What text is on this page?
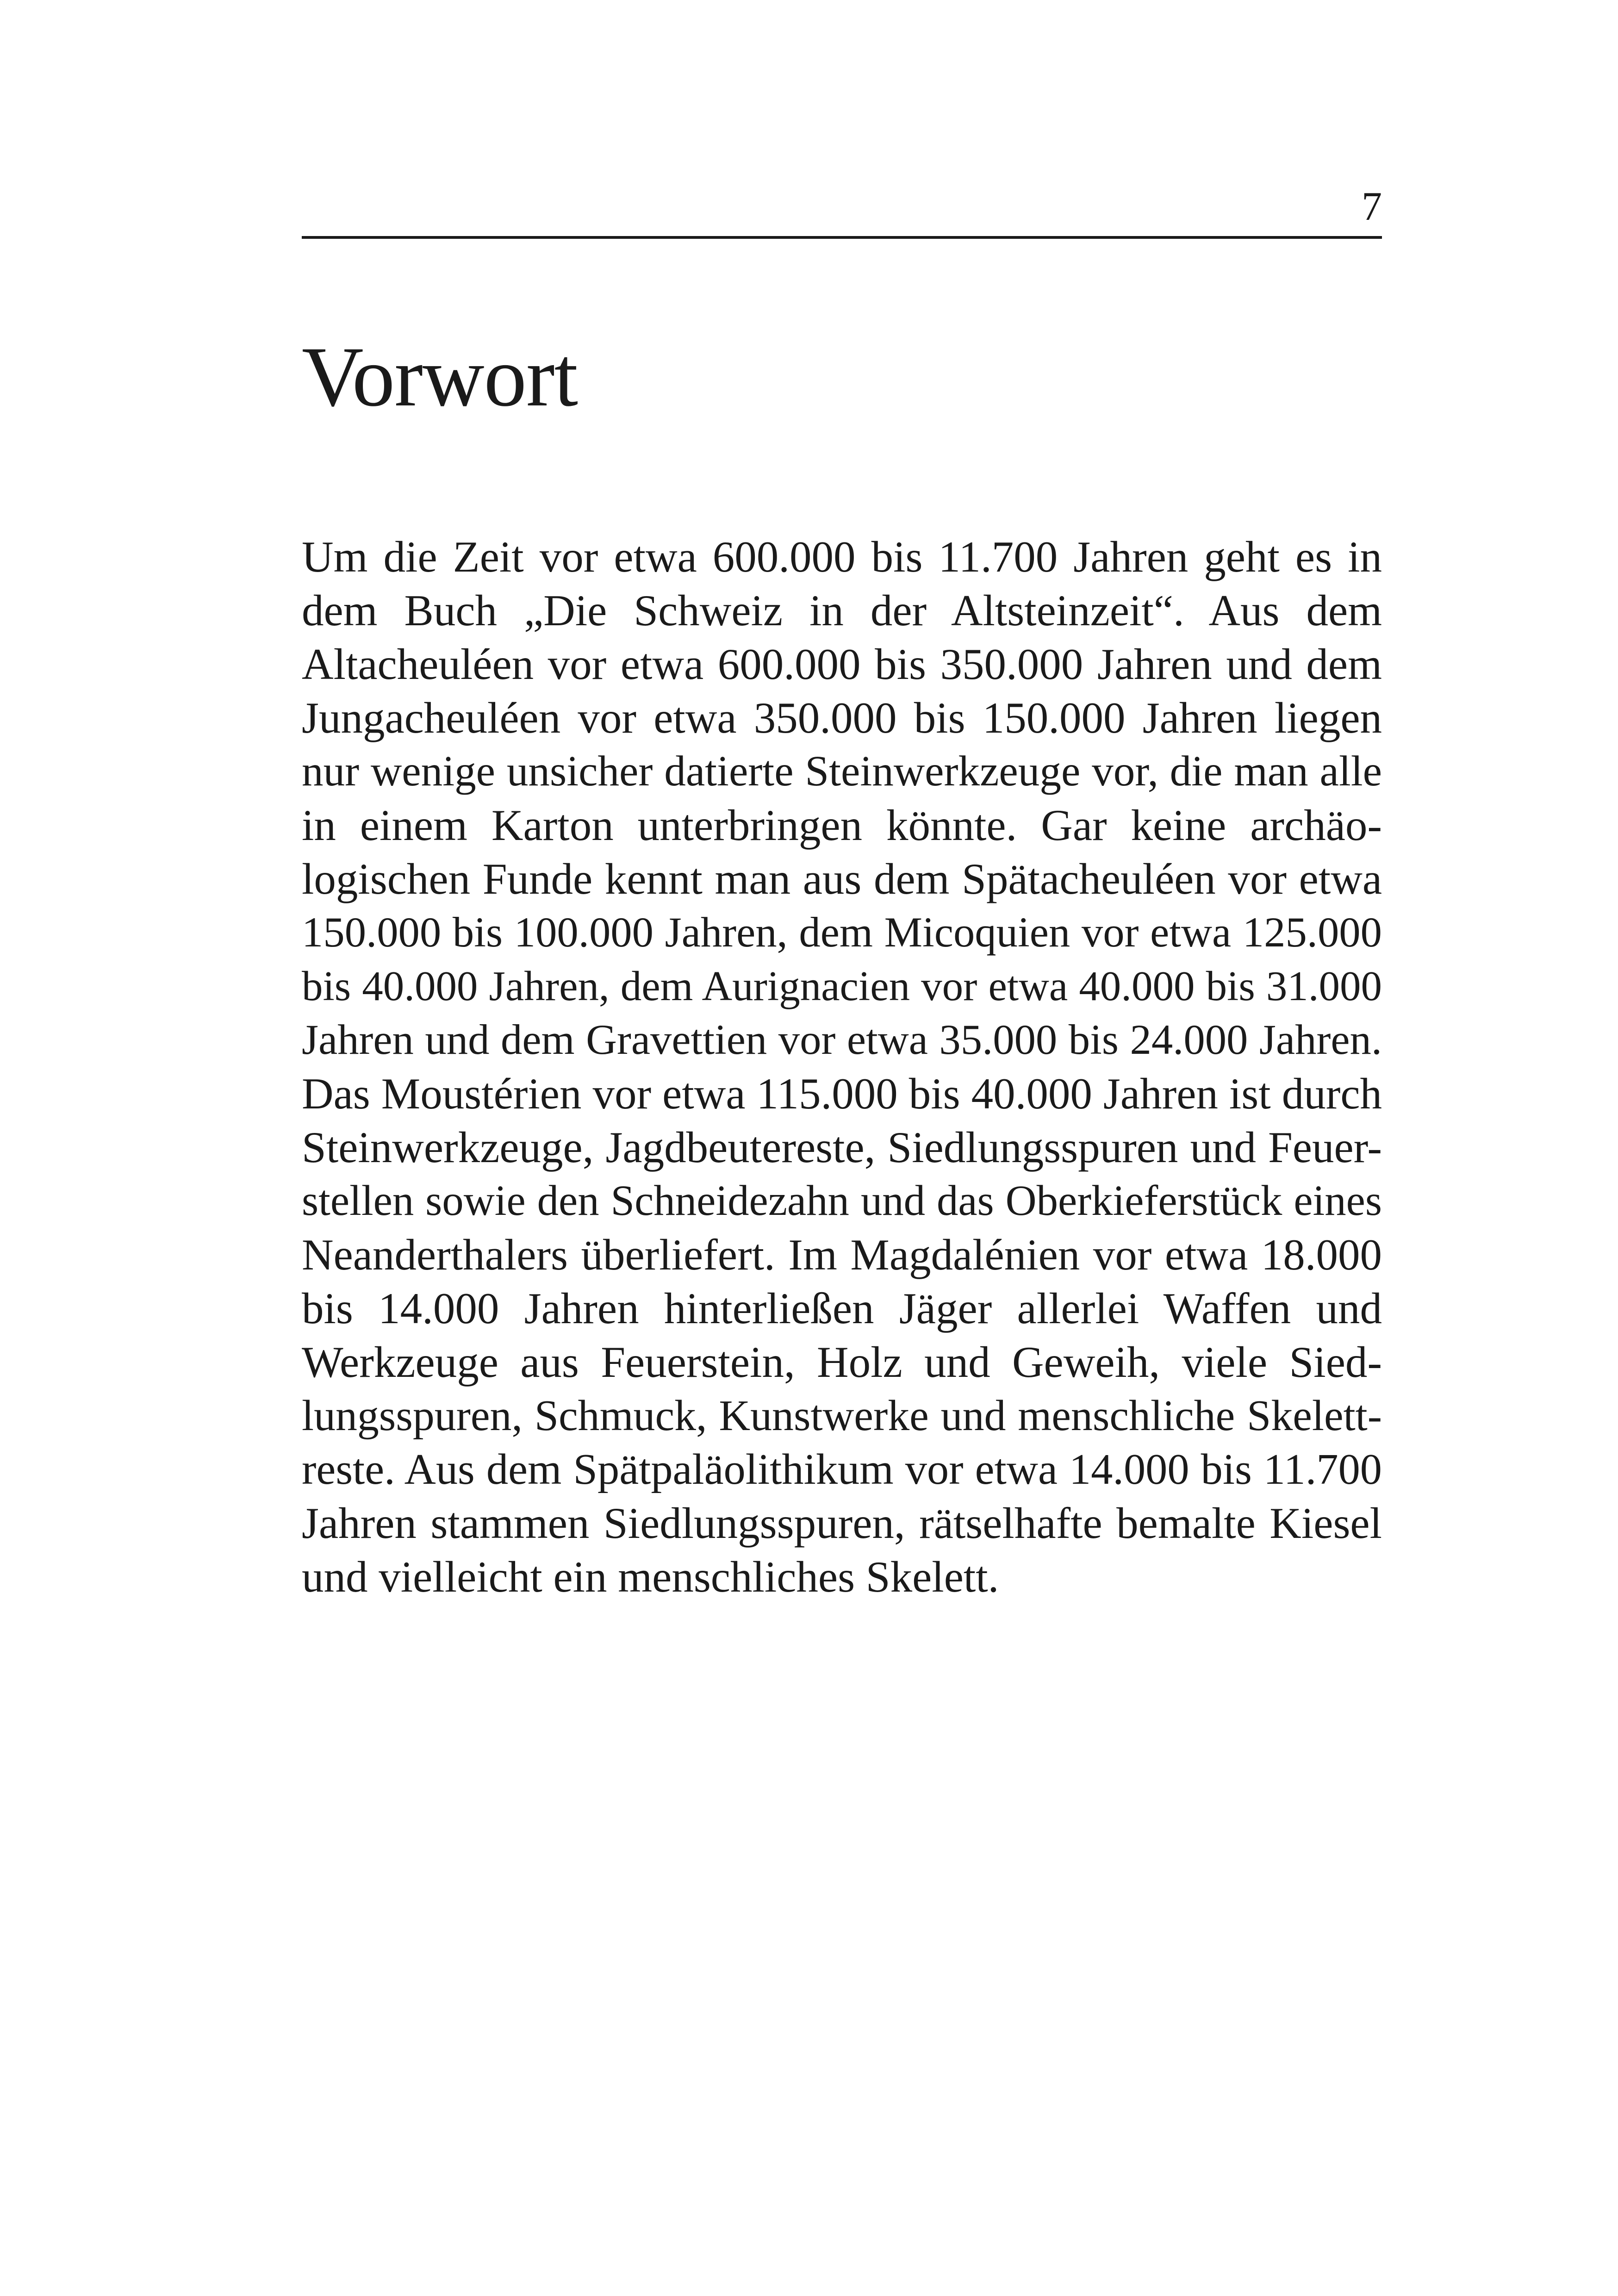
7
Vorwort
Um die Zeit vor etwa 600.000 bis 11.700 Jahren geht es in
dem Buch „Die Schweiz in der Altsteinzeit“. Aus dem
Altacheuléen vor etwa 600.000 bis 350.000 Jahren und dem
Jungacheuléen vor etwa 350.000 bis 150.000 Jahren liegen
nur wenige unsicher datierte Steinwerkzeuge vor, die man alle
in einem Karton unterbringen könnte. Gar keine archäo-
logischen Funde kennt man aus dem Spätacheuléen vor etwa
150.000 bis 100.000 Jahren, dem Micoquien vor etwa 125.000
bis 40.000 Jahren, dem Aurignacien vor etwa 40.000 bis 31.000
Jahren und dem Gravettien vor etwa 35.000 bis 24.000 Jahren.
Das Moustérien vor etwa 115.000 bis 40.000 Jahren ist durch
Steinwerkzeuge, Jagdbeutereste, Siedlungsspuren und Feuer-
stellen sowie den Schneidezahn und das Oberkieferstück eines
Neanderthalers überliefert. Im Magdalénien vor etwa 18.000
bis 14.000 Jahren hinterließen Jäger allerlei Waffen und
Werkzeuge aus Feuerstein, Holz und Geweih, viele Sied-
lungsspuren, Schmuck, Kunstwerke und menschliche Skelett-
reste. Aus dem Spätpaläolithikum vor etwa 14.000 bis 11.700
Jahren stammen Siedlungsspuren, rätselhafte bemalte Kiesel
und vielleicht ein menschliches Skelett.
